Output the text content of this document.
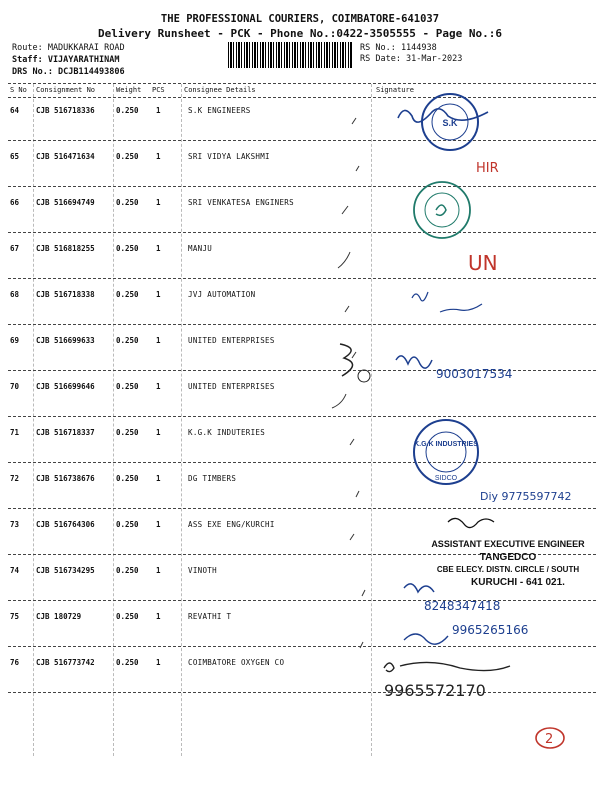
THE PROFESSIONAL COURIERS, COIMBATORE-641037
Delivery Runsheet - PCK - Phone No.:0422-3505555 - Page No.:6
Route: MADUKKARAI ROAD
Staff: VIJAYARATHINAM
DRS No.: DCJB114493806
RS No.: 1144938
RS Date: 31-Mar-2023
S No Consignment No	Weight PCS	Consignee Details	Signature
64 CJB 516718336	0.250 1	S.K ENGINEERS
65 CJB 516471634	0.250 1	SRI VIDYA LAKSHMI
66 CJB 516694749	0.250 1	SRI VENKATESA ENGINERS
67 CJB 516818255	0.250 1	MANJU
68 CJB 516718338	0.250 1	JVJ AUTOMATION
69 CJB 516699633	0.250 1	UNITED ENTERPRISES
70 CJB 516699646	0.250 1	UNITED ENTERPRISES
71 CJB 516718337	0.250 1	K.G.K INDUTERIES
72 CJB 516738676	0.250 1	DG TIMBERS
73 CJB 516764306	0.250 1	ASS EXE ENG/KURCHI
74 CJB 516734295	0.250 1	VINOTH
75 CJB 180729	0.250 1	REVATHI T
76 CJB 516773742	0.250 1	COIMBATORE OXYGEN CO
S.K
HIR
UN
9003017534
K.G.K INDUSTRIES
SIDCO
Diy 9775597742
ASSISTANT EXECUTIVE ENGINEER
TANGEDCO
CBE ELECY. DISTN. CIRCLE / SOUTH
KURUCHI - 641 021.
8248347418
9965265166
9965572170
2
